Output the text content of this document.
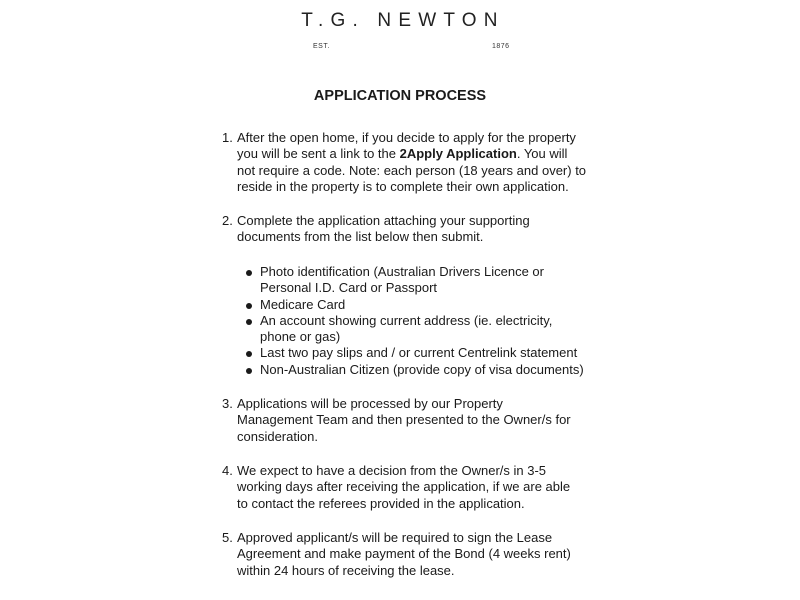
T.G. NEWTON
EST.	1876
APPLICATION PROCESS
1. After the open home, if you decide to apply for the property
you will be sent a link to the 2Apply Application. You will
not require a code. Note: each person (18 years and over) to
reside in the property is to complete their own application.
2. Complete the application attaching your supporting
documents from the list below then submit.
Photo identification (Australian Drivers Licence or
Personal I.D. Card or Passport
Medicare Card
An account showing current address (ie. electricity,
phone or gas)
Last two pay slips and / or current Centrelink statement
Non-Australian Citizen (provide copy of visa documents)
3. Applications will be processed by our Property
Management Team and then presented to the Owner/s for
consideration.
4. We expect to have a decision from the Owner/s in 3-5
working days after receiving the application, if we are able
to contact the referees provided in the application.
5. Approved applicant/s will be required to sign the Lease
Agreement and make payment of the Bond (4 weeks rent)
within 24 hours of receiving the lease.
